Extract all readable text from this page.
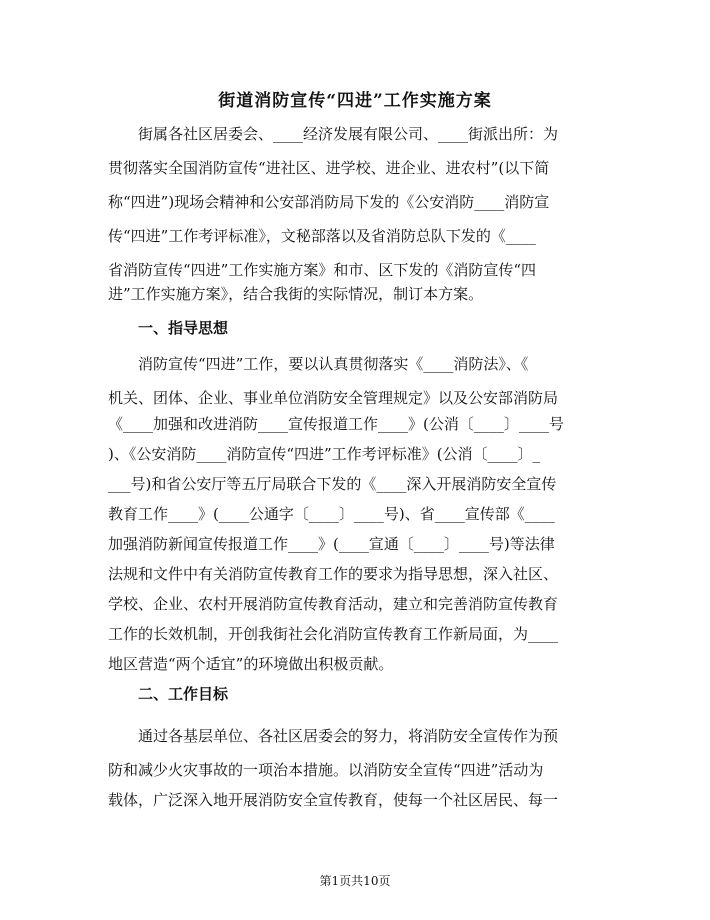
街道消防宣传“四进”工作实施方案
　　街属各社区居委会、____经济发展有限公司、____街派出所：为
贯彻落实全国消防宣传“进社区、进学校、进企业、进农村”(以下简
称“四进”)现场会精神和公安部消防局下发的《公安消防____消防宣
传“四进”工作考评标准》，文秘部落以及省消防总队下发的《____
省消防宣传“四进”工作实施方案》和市、区下发的《消防宣传“四
进”工作实施方案》，结合我街的实际情况，制订本方案。
　　一、指导思想
　　消防宣传“四进”工作，要以认真贯彻落实《____消防法》、《
机关、团体、企业、事业单位消防安全管理规定》以及公安部消防局
《____加强和改进消防____宣传报道工作____》(公消〔____〕____号
)、《公安消防____消防宣传“四进”工作考评标准》(公消〔____〕_
___号)和省公安厅等五厅局联合下发的《____深入开展消防安全宣传
教育工作____》(____公通字〔____〕____号)、省____宣传部《____
加强消防新闻宣传报道工作____》(____宣通〔____〕____号)等法律
法规和文件中有关消防宣传教育工作的要求为指导思想，深入社区、
学校、企业、农村开展消防宣传教育活动，建立和完善消防宣传教育
工作的长效机制，开创我街社会化消防宣传教育工作新局面，为____
地区营造“两个适宜”的环境做出积极贡献。
　　二、工作目标
　　通过各基层单位、各社区居委会的努力，将消防安全宣传作为预
防和减少火灾事故的一项治本措施。以消防安全宣传“四进”活动为
载体，广泛深入地开展消防安全宣传教育，使每一个社区居民、每一
第1页共10页
